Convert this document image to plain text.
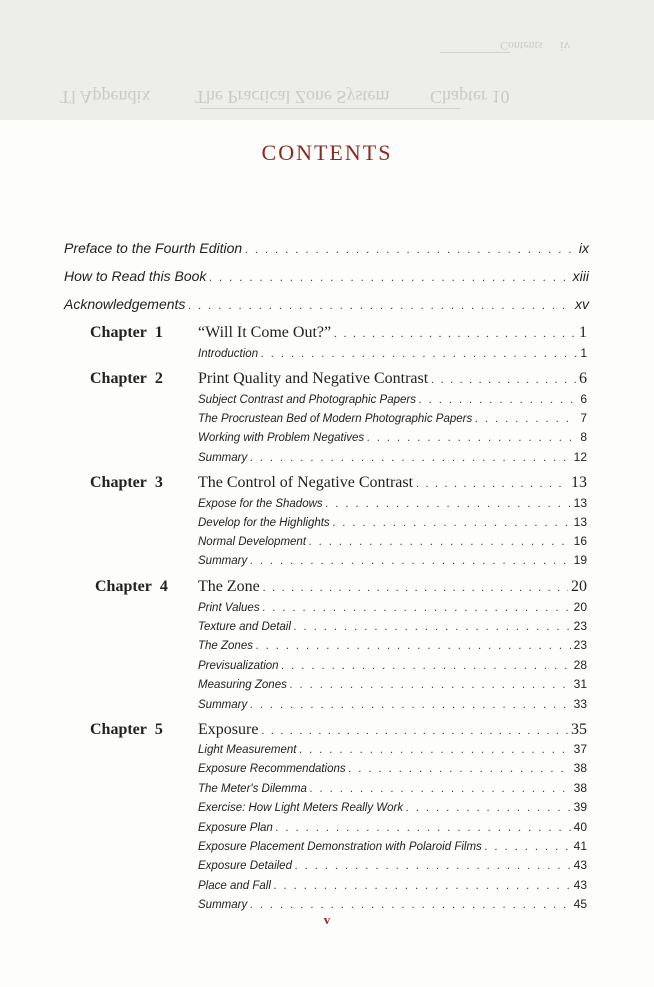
iv
Contents
Tl Appendix The Practical Zone System Chapter 10
CONTENTS
Preface to the Fourth Edition . . .	ix
How to Read this Book . . .	xiii
Acknowledgements . . .	xv
Chapter 1 “Will It Come Out?” . . .	1
Introduction . . .	1
Chapter 2 Print Quality and Negative Contrast . . .	6
Subject Contrast and Photographic Papers . . .	6
The Procrustean Bed of Modern Photographic Papers . . .	7
Working with Problem Negatives . . .	8
Summary . . .	12
Chapter 3 The Control of Negative Contrast . . .	13
Expose for the Shadows . . .	13
Develop for the Highlights . . .	13
Normal Development . . .	16
Summary . . .	19
Chapter 4 The Zone . . .	20
Print Values . . .	20
Texture and Detail . . .	23
The Zones . . .	23
Previsualization . . .	28
Measuring Zones . . .	31
Summary . . .	33
Chapter 5 Exposure . . .	35
Light Measurement . . .	37
Exposure Recommendations . . .	38
The Meter's Dilemma . . .	38
Exercise: How Light Meters Really Work . . .	39
Exposure Plan . . .	40
Exposure Placement Demonstration with Polaroid Films . . .	41
Exposure Detailed . . .	43
Place and Fall . . .	43
Summary . . .	45
v
